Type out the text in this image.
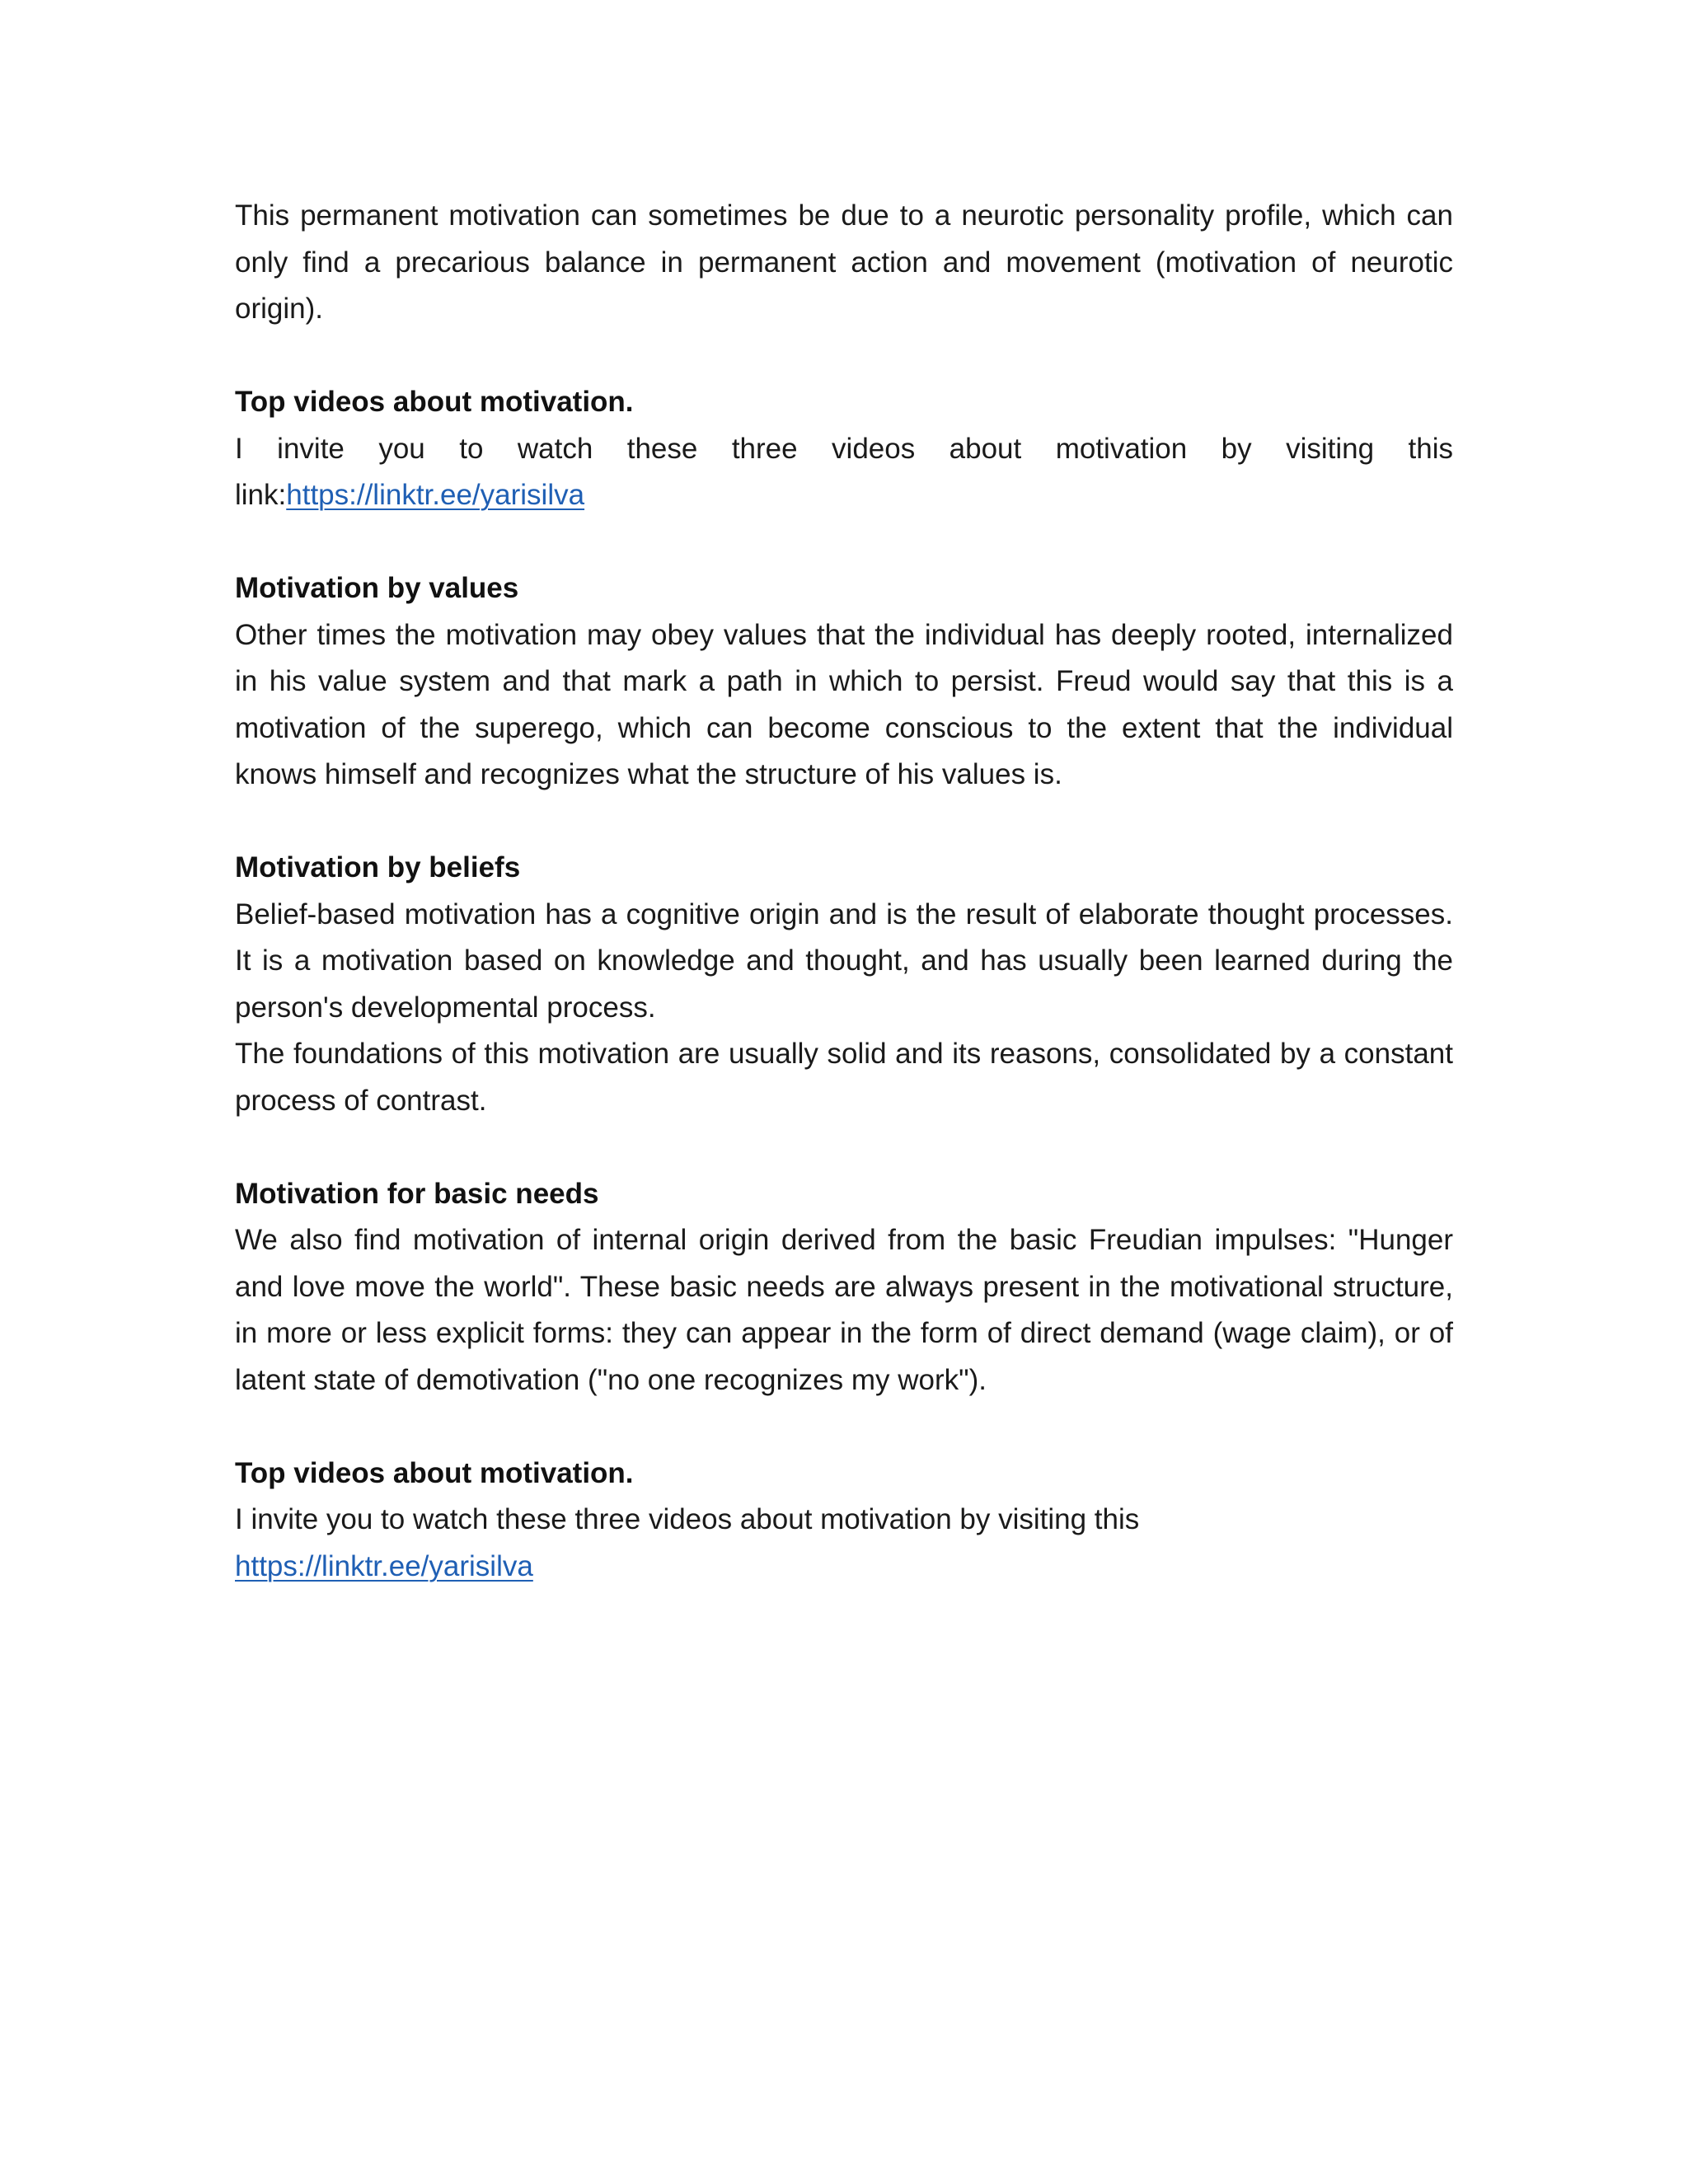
This permanent motivation can sometimes be due to a neurotic personality profile, which can only find a precarious balance in permanent action and movement (motivation of neurotic origin).

Top videos about motivation.

I invite you to watch these three videos about motivation by visiting this link:https://linktr.ee/yarisilva

Motivation by values

Other times the motivation may obey values that the individual has deeply rooted, internalized in his value system and that mark a path in which to persist. Freud would say that this is a motivation of the superego, which can become conscious to the extent that the individual knows himself and recognizes what the structure of his values is.

Motivation by beliefs

Belief-based motivation has a cognitive origin and is the result of elaborate thought processes. It is a motivation based on knowledge and thought, and has usually been learned during the person's developmental process.

The foundations of this motivation are usually solid and its reasons, consolidated by a constant process of contrast.

Motivation for basic needs

We also find motivation of internal origin derived from the basic Freudian impulses: "Hunger and love move the world". These basic needs are always present in the motivational structure, in more or less explicit forms: they can appear in the form of direct demand (wage claim), or of latent state of demotivation ("no one recognizes my work").

Top videos about motivation.

I invite you to watch these three videos about motivation by visiting this

https://linktr.ee/yarisilva
